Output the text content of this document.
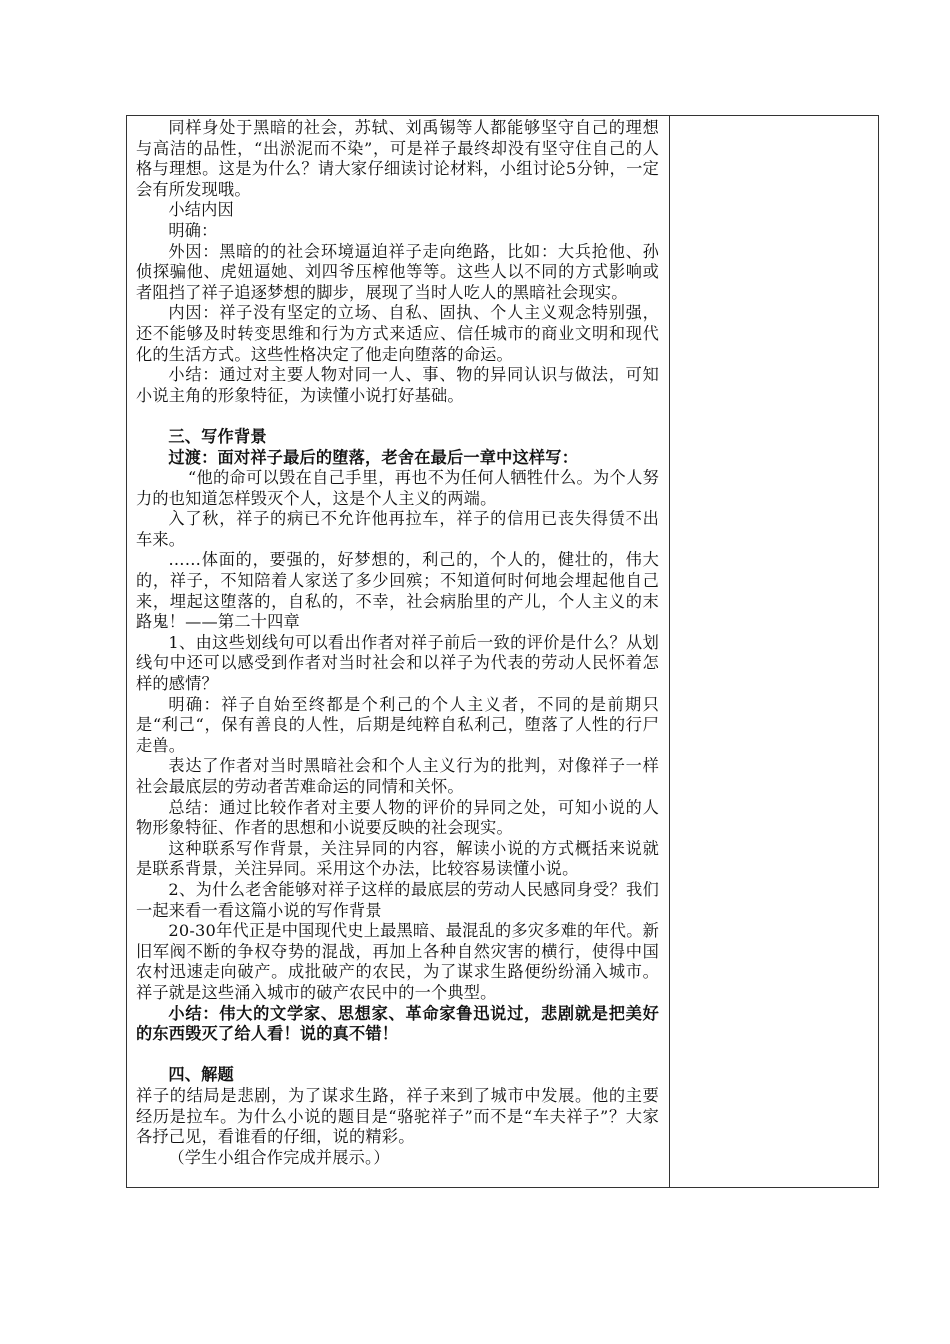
同样身处于黑暗的社会，苏轼、刘禹锡等人都能够坚守自己的理想与高洁的品性，“出淤泥而不染”，可是祥子最终却没有坚守住自己的人格与理想。这是为什么？请大家仔细读讨论材料，小组讨论5分钟，一定会有所发现哦。

小结内因

明确：

外因：黑暗的的社会环境逼迫祥子走向绝路，比如：大兵抢他、孙侦探骗他、虎妞逼她、刘四爷压榨他等等。这些人以不同的方式影响或者阻挡了祥子追逐梦想的脚步，展现了当时人吃人的黑暗社会现实。

内因：祥子没有坚定的立场、自私、固执、个人主义观念特别强，还不能够及时转变思维和行为方式来适应、信任城市的商业文明和现代化的生活方式。这些性格决定了他走向堕落的命运。

小结：通过对主要人物对同一人、事、物的异同认识与做法，可知小说主角的形象特征，为读懂小说打好基础。

三、写作背景

过渡：面对祥子最后的堕落，老舍在最后一章中这样写：

“他的命可以毁在自己手里，再也不为任何人牺牲什么。为个人努力的也知道怎样毁灭个人，这是个人主义的两端。

入了秋，祥子的病已不允许他再拉车，祥子的信用已丧失得赁不出车来。

……体面的，要强的，好梦想的，利己的，个人的，健壮的，伟大的，祥子，不知陪着人家送了多少回殡；不知道何时何地会埋起他自己来，埋起这堕落的，自私的，不幸，社会病胎里的产儿，个人主义的末路鬼！——第二十四章

1、由这些划线句可以看出作者对祥子前后一致的评价是什么？从划线句中还可以感受到作者对当时社会和以祥子为代表的劳动人民怀着怎样的感情？

明确：祥子自始至终都是个利己的个人主义者，不同的是前期只是“利己“，保有善良的人性，后期是纯粹自私利己，堕落了人性的行尸走兽。

表达了作者对当时黑暗社会和个人主义行为的批判，对像祥子一样社会最底层的劳动者苦难命运的同情和关怀。

总结：通过比较作者对主要人物的评价的异同之处，可知小说的人物形象特征、作者的思想和小说要反映的社会现实。

这种联系写作背景，关注异同的内容，解读小说的方式概括来说就是联系背景，关注异同。采用这个办法，比较容易读懂小说。

2、为什么老舍能够对祥子这样的最底层的劳动人民感同身受？我们一起来看一看这篇小说的写作背景

20-30年代正是中国现代史上最黑暗、最混乱的多灾多难的年代。新旧军阀不断的争权夺势的混战，再加上各种自然灾害的横行，使得中国农村迅速走向破产。成批破产的农民，为了谋求生路便纷纷涌入城市。祥子就是这些涌入城市的破产农民中的一个典型。

小结：伟大的文学家、思想家、革命家鲁迅说过，悲剧就是把美好的东西毁灭了给人看！说的真不错！

四、解题

祥子的结局是悲剧，为了谋求生路，祥子来到了城市中发展。他的主要经历是拉车。为什么小说的题目是“骆驼祥子”而不是“车夫祥子”？大家各抒己见，看谁看的仔细，说的精彩。

（学生小组合作完成并展示。）
